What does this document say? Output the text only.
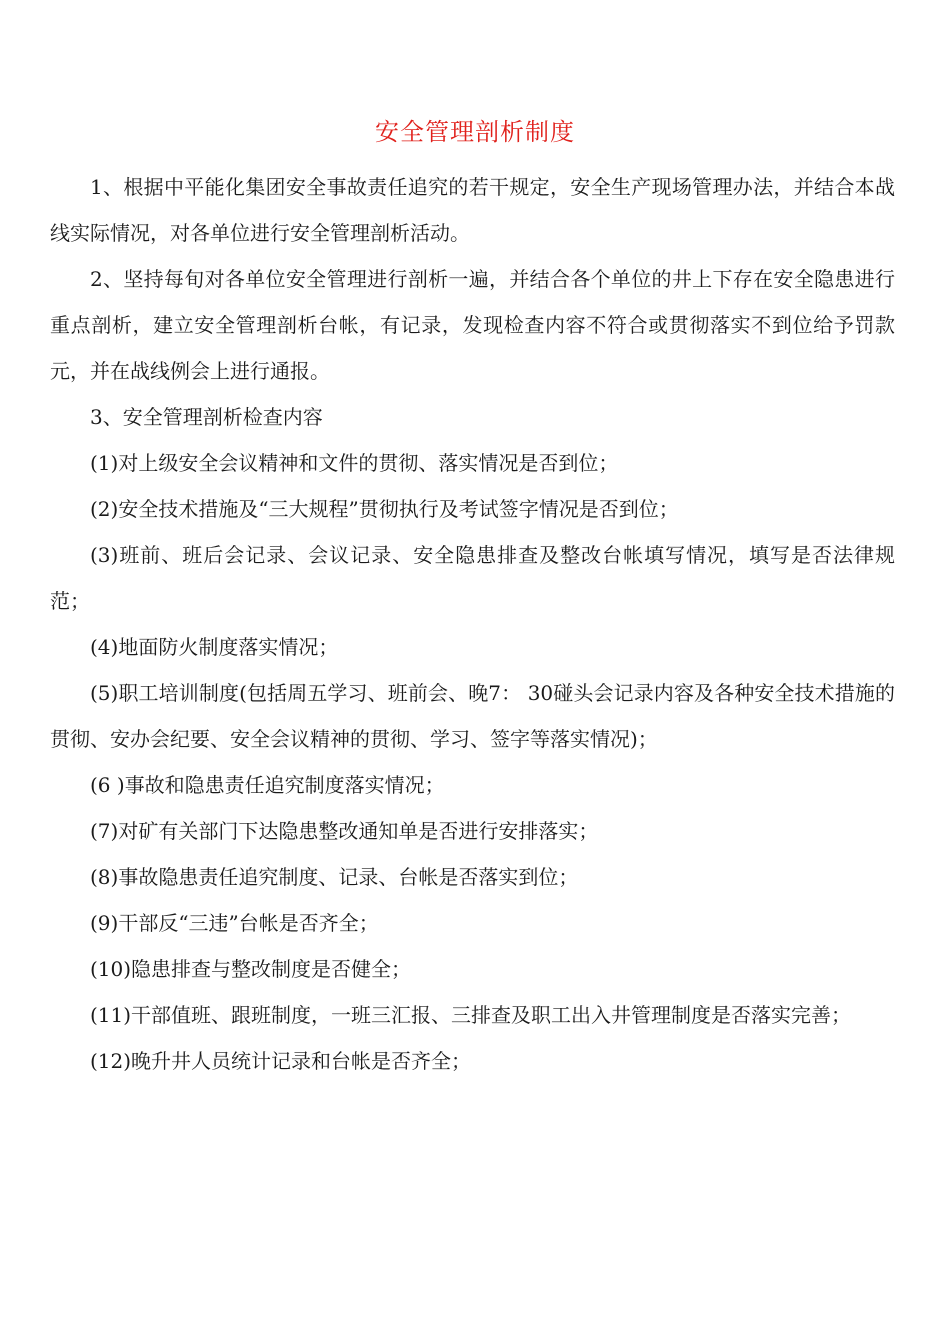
安全管理剖析制度

1、根据中平能化集团安全事故责任追究的若干规定，安全生产现场管理办法，并结合本战线实际情况，对各单位进行安全管理剖析活动。

2、坚持每旬对各单位安全管理进行剖析一遍，并结合各个单位的井上下存在安全隐患进行重点剖析，建立安全管理剖析台帐，有记录，发现检查内容不符合或贯彻落实不到位给予罚款 元，并在战线例会上进行通报。

3、安全管理剖析检查内容

(1)对上级安全会议精神和文件的贯彻、落实情况是否到位；

(2)安全技术措施及“三大规程”贯彻执行及考试签字情况是否到位；

(3)班前、班后会记录、会议记录、安全隐患排查及整改台帐填写情况，填写是否法律规范；

(4)地面防火制度落实情况；

(5)职工培训制度(包括周五学习、班前会、晚7： 30碰头会记录内容及各种安全技术措施的贯彻、安办会纪要、安全会议精神的贯彻、学习、签字等落实情况)；

(6 )事故和隐患责任追究制度落实情况；

(7)对矿有关部门下达隐患整改通知单是否进行安排落实；

(8)事故隐患责任追究制度、记录、台帐是否落实到位；

(9)干部反“三违”台帐是否齐全；

(10)隐患排查与整改制度是否健全；

(11)干部值班、跟班制度，一班三汇报、三排查及职工出入井管理制度是否落实完善；

(12)晚升井人员统计记录和台帐是否齐全；
